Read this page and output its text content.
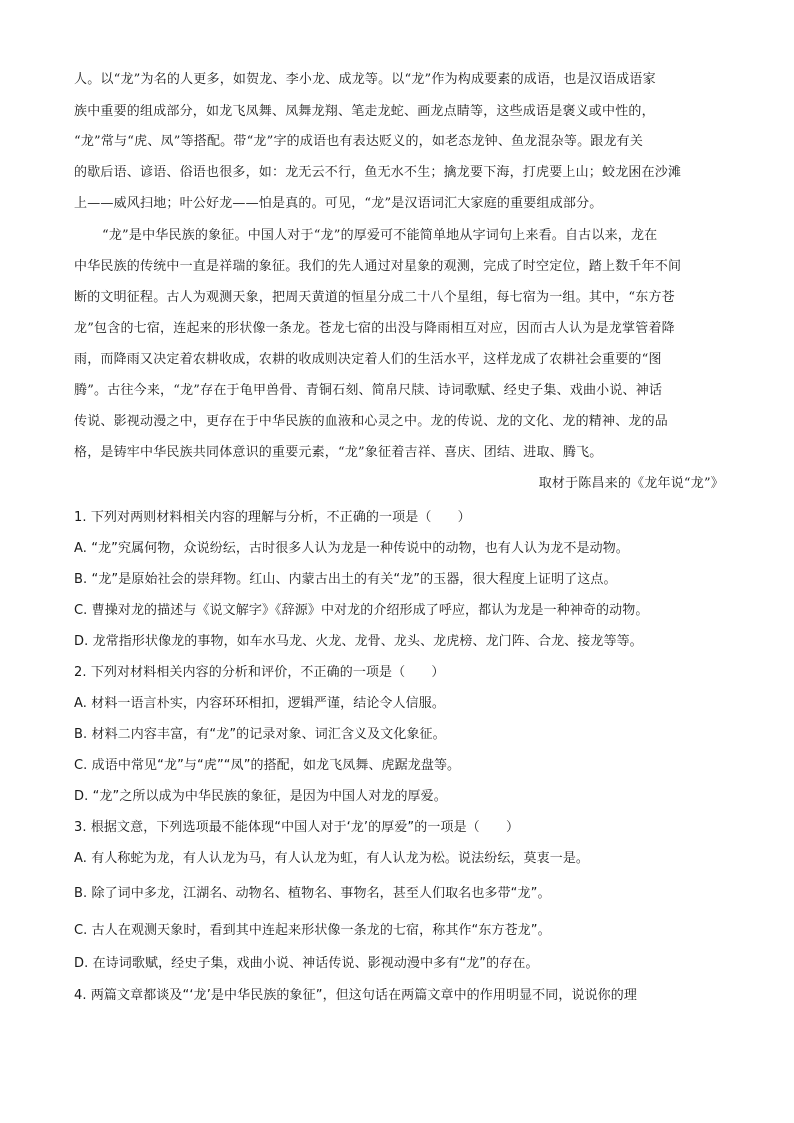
人。以“龙”为名的人更多，如贺龙、李小龙、成龙等。以“龙”作为构成要素的成语，也是汉语成语家
族中重要的组成部分，如龙飞凤舞、凤舞龙翔、笔走龙蛇、画龙点睛等，这些成语是褒义或中性的，
“龙”常与“虎、凤”等搭配。带“龙”字的成语也有表达贬义的，如老态龙钟、鱼龙混杂等。跟龙有关
的歇后语、谚语、俗语也很多，如：龙无云不行，鱼无水不生；擒龙要下海，打虎要上山；蛟龙困在沙滩
上——威风扫地；叶公好龙——怕是真的。可见，“龙”是汉语词汇大家庭的重要组成部分。
“龙”是中华民族的象征。中国人对于“龙”的厚爱可不能简单地从字词句上来看。自古以来，龙在
中华民族的传统中一直是祥瑞的象征。我们的先人通过对星象的观测，完成了时空定位，踏上数千年不间
断的文明征程。古人为观测天象，把周天黄道的恒星分成二十八个星组，每七宿为一组。其中，“东方苍
龙”包含的七宿，连起来的形状像一条龙。苍龙七宿的出没与降雨相互对应，因而古人认为是龙掌管着降
雨，而降雨又决定着农耕收成，农耕的收成则决定着人们的生活水平，这样龙成了农耕社会重要的“图
腾”。古往今来，“龙”存在于龟甲兽骨、青铜石刻、简帛尺牍、诗词歌赋、经史子集、戏曲小说、神话
传说、影视动漫之中，更存在于中华民族的血液和心灵之中。龙的传说、龙的文化、龙的精神、龙的品
格，是铸牢中华民族共同体意识的重要元素，“龙”象征着吉祥、喜庆、团结、进取、腾飞。
取材于陈昌来的《龙年说“龙”》
1. 下列对两则材料相关内容的理解与分析，不正确的一项是（　　）
A. “龙”究属何物，众说纷纭，古时很多人认为龙是一种传说中的动物，也有人认为龙不是动物。
B. “龙”是原始社会的崇拜物。红山、内蒙古出土的有关“龙”的玉器，很大程度上证明了这点。
C. 曹操对龙的描述与《说文解字》《辞源》中对龙的介绍形成了呼应，都认为龙是一种神奇的动物。
D. 龙常指形状像龙的事物，如车水马龙、火龙、龙骨、龙头、龙虎榜、龙门阵、合龙、接龙等等。
2. 下列对材料相关内容的分析和评价，不正确的一项是（　　）
A. 材料一语言朴实，内容环环相扣，逻辑严谨，结论令人信服。
B. 材料二内容丰富，有“龙”的记录对象、词汇含义及文化象征。
C. 成语中常见“龙”与“虎”“凤”的搭配，如龙飞凤舞、虎踞龙盘等。
D. “龙”之所以成为中华民族的象征，是因为中国人对龙的厚爱。
3. 根据文意，下列选项最不能体现“中国人对于‘龙’的厚爱”的一项是（　　）
A. 有人称蛇为龙，有人认龙为马，有人认龙为虹，有人认龙为松。说法纷纭，莫衷一是。
B. 除了词中多龙，江湖名、动物名、植物名、事物名，甚至人们取名也多带“龙”。
C. 古人在观测天象时，看到其中连起来形状像一条龙的七宿，称其作“东方苍龙”。
D. 在诗词歌赋，经史子集，戏曲小说、神话传说、影视动漫中多有“龙”的存在。
4. 两篇文章都谈及“‘龙’是中华民族的象征”，但这句话在两篇文章中的作用明显不同，说说你的理
